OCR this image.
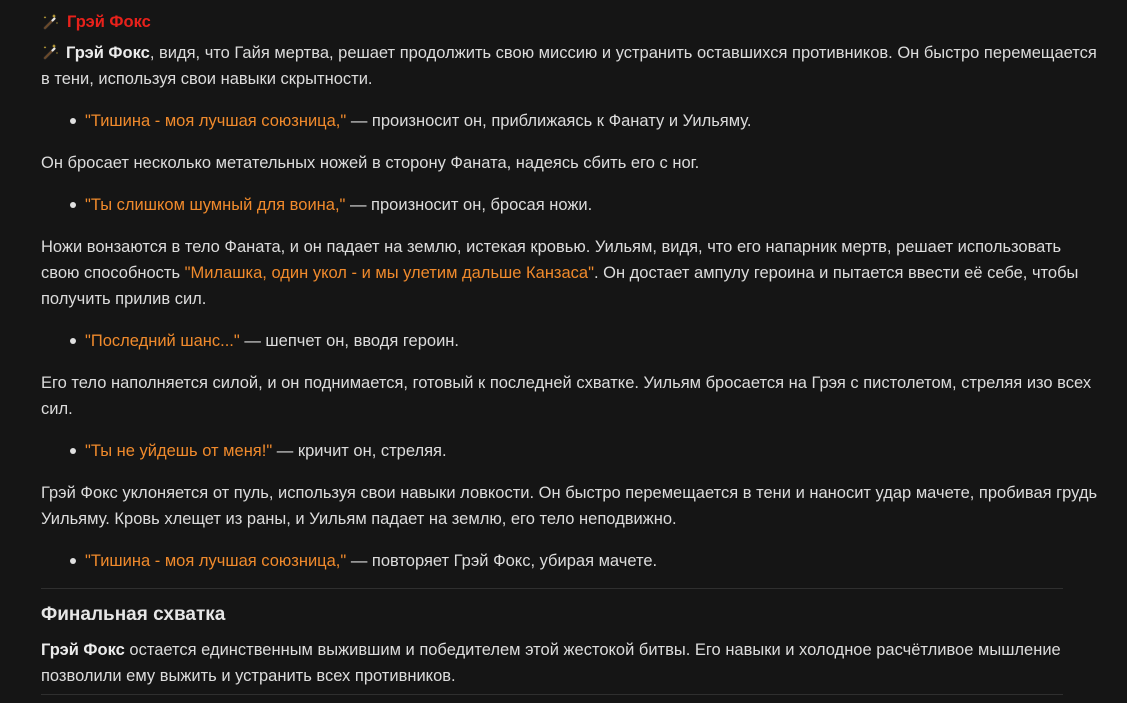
Грэй Фокс

Грэй Фокс, видя, что Гайя мертва, решает продолжить свою миссию и устранить оставшихся противников. Он быстро перемещается в тени, используя свои навыки скрытности.

"Тишина - моя лучшая союзница," — произносит он, приближаясь к Фанату и Уильяму.

Он бросает несколько метательных ножей в сторону Фаната, надеясь сбить его с ног.

"Ты слишком шумный для воина," — произносит он, бросая ножи.

Ножи вонзаются в тело Фаната, и он падает на землю, истекая кровью. Уильям, видя, что его напарник мертв, решает использовать свою способность "Милашка, один укол - и мы улетим дальше Канзаса". Он достает ампулу героина и пытается ввести её себе, чтобы получить прилив сил.

"Последний шанс..." — шепчет он, вводя героин.

Его тело наполняется силой, и он поднимается, готовый к последней схватке. Уильям бросается на Грэя с пистолетом, стреляя изо всех сил.

"Ты не уйдешь от меня!" — кричит он, стреляя.

Грэй Фокс уклоняется от пуль, используя свои навыки ловкости. Он быстро перемещается в тени и наносит удар мачете, пробивая грудь Уильяму. Кровь хлещет из раны, и Уильям падает на землю, его тело неподвижно.

"Тишина - моя лучшая союзница," — повторяет Грэй Фокс, убирая мачете.
Финальная схватка

Грэй Фокс остается единственным выжившим и победителем этой жестокой битвы. Его навыки и холодное расчётливое мышление позволили ему выжить и устранить всех противников.
